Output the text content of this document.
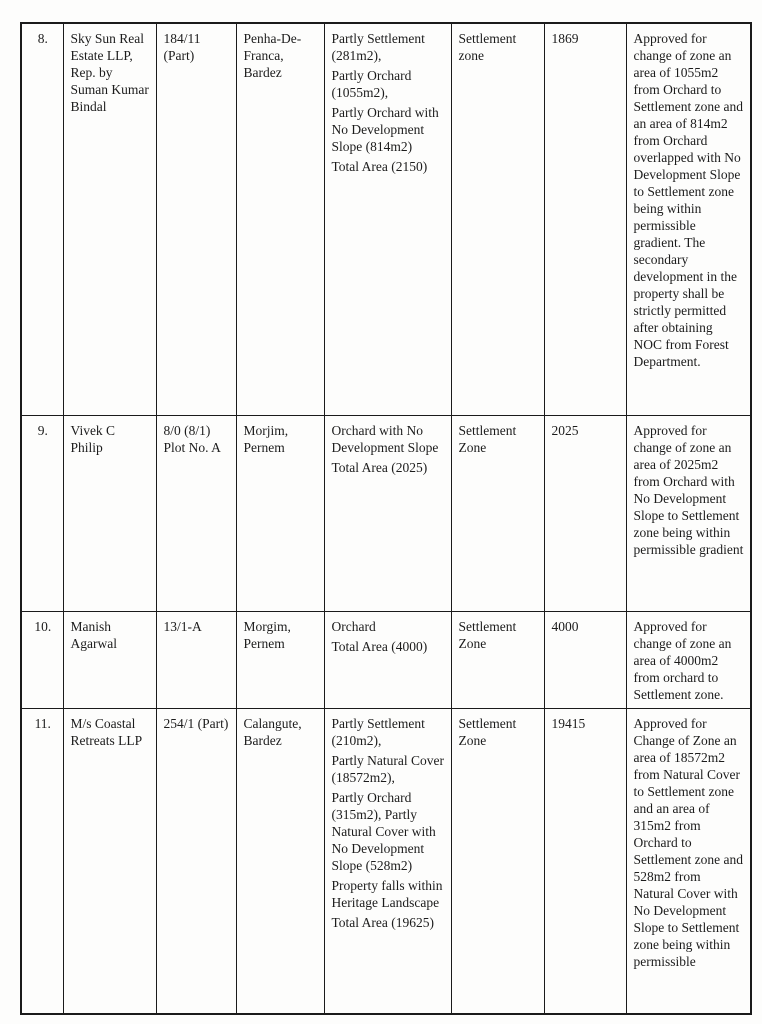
8.	Sky Sun Real Estate LLP, Rep. by Suman Kumar Bindal	184/11 (Part)	Penha-De-Franca, Bardez	

Partly Settlement (281m2),

Partly Orchard (1055m2),

Partly Orchard with No Development Slope (814m2)

Total Area (2150)

	Settlement zone	1869	Approved for change of zone an area of 1055m2 from Orchard to Settlement zone and an area of 814m2 from Orchard overlapped with No Development Slope to Settlement zone being within permissible gradient. The secondary development in the property shall be strictly permitted after obtaining NOC from Forest Department.
9.	Vivek C Philip	8/0 (8/1) Plot No. A	Morjim, Pernem	Orchard with No Development Slope

Total Area (2025)	Settlement Zone	2025	Approved for change of zone an area of 2025m2 from Orchard with No Development Slope to Settlement zone being within permissible gradient
10.	Manish Agarwal	13/1-A	Morgim, Pernem	Orchard

Total Area (4000)	Settlement Zone	4000	Approved for change of zone an area of 4000m2 from orchard to Settlement zone.
11.	M/s Coastal Retreats LLP	254/1 (Part)	Calangute, Bardez	

Partly Settlement (210m2),

Partly Natural Cover (18572m2),

Partly Orchard (315m2), Partly Natural Cover with No Development Slope (528m2)

Property falls within Heritage Landscape

Total Area (19625)

	Settlement Zone	19415	Approved for Change of Zone an area of 18572m2 from Natural Cover to Settlement zone and an area of 315m2 from Orchard to Settlement zone and 528m2 from Natural Cover with No Development Slope to Settlement zone being within permissible
